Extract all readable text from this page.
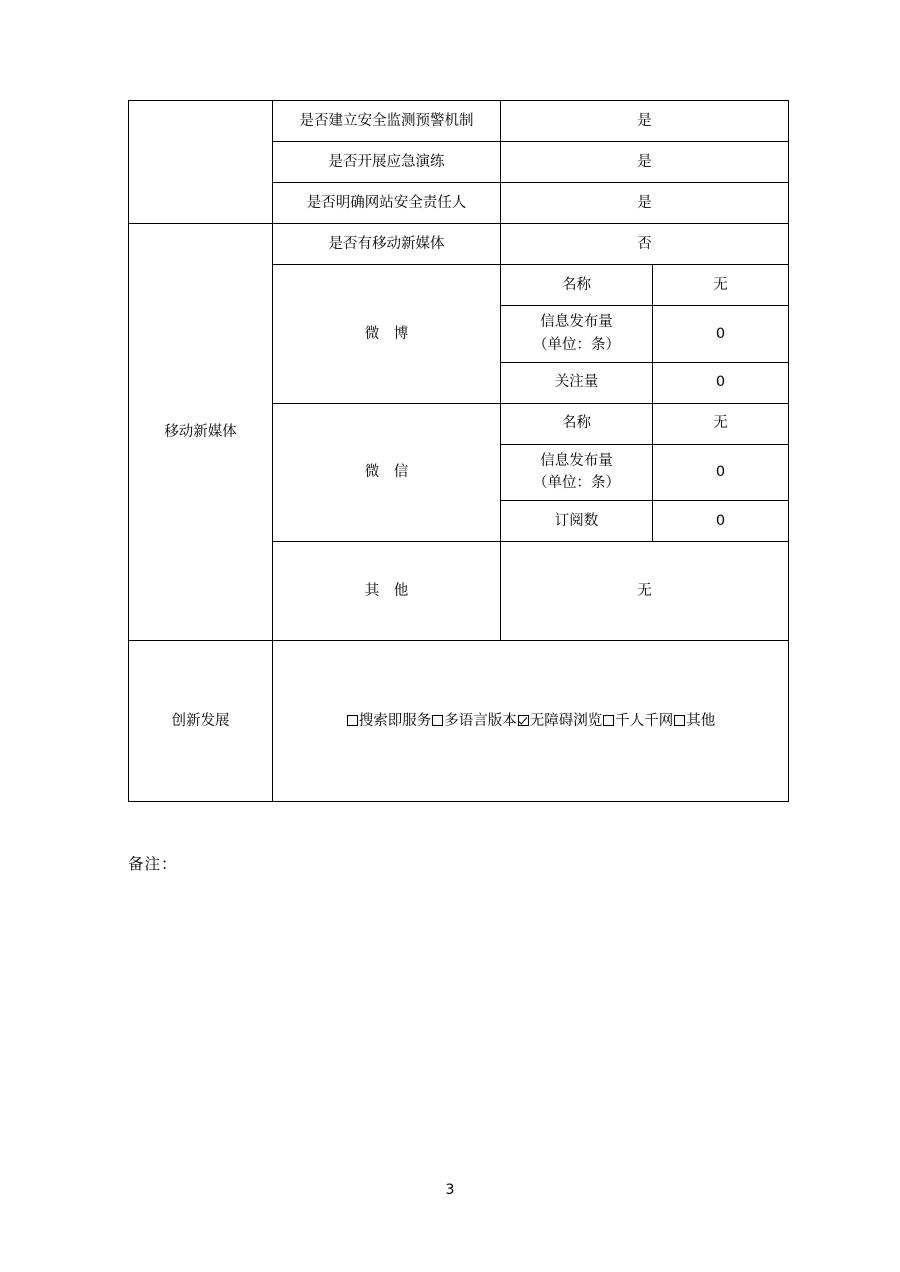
	是否建立安全监测预警机制	是	
	是否开展应急演练	是	
	是否明确网站安全责任人	是	
移动新媒体	是否有移动新媒体	否	
	微　博	名称	无
		信息发布量
（单位：条）	0
		关注量	0
	微　信	名称	无
		信息发布量
（单位：条）	0
		订阅数	0
	其　他	无	
创新发展	搜索即服务 多语言版本 无障碍浏览 千人千网 其他		
备注：
3
